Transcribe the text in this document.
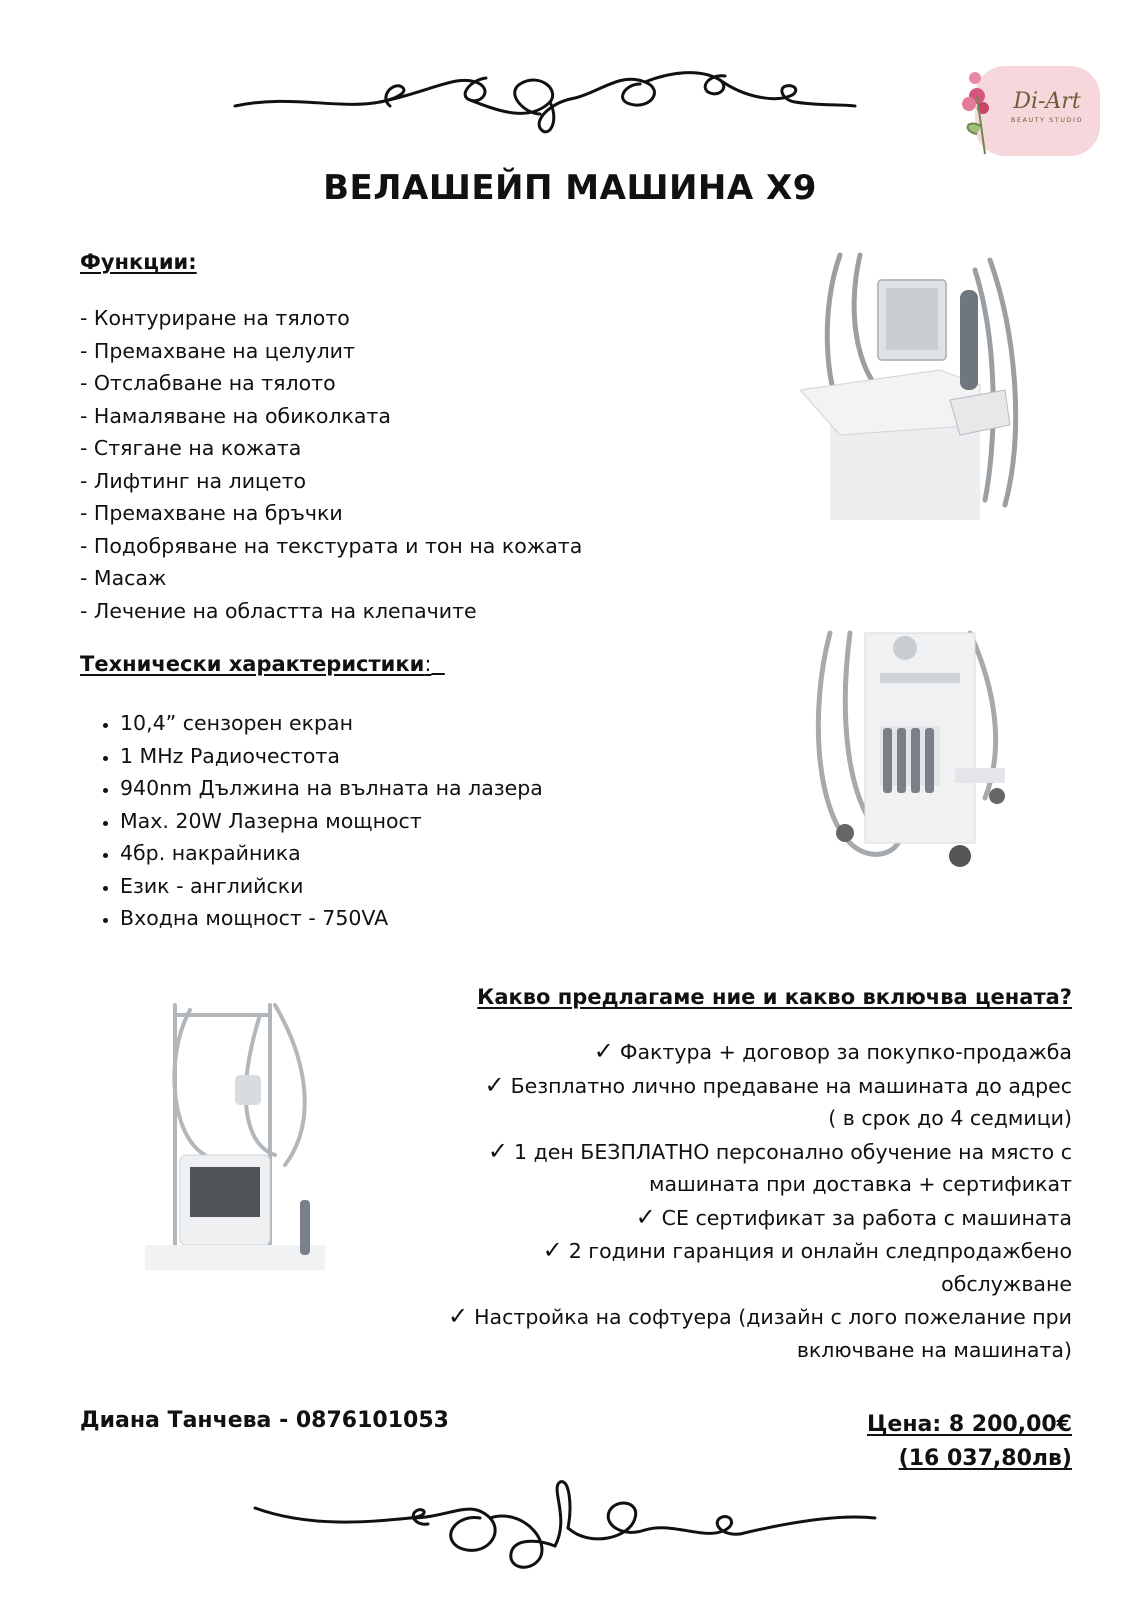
Di-Art
BEAUTY STUDIO
ВЕЛАШЕЙП МАШИНА X9
Функции:
- Контуриране на тялото
- Премахване на целулит
- Отслабване на тялото
- Намаляване на обиколката
- Стягане на кожата
- Лифтинг на лицето
- Премахване на бръчки
- Подобряване на текстурата и тон на кожата
- Масаж
- Лечение на областта на клепачите
Технически характеристики:
• 10,4” сензорен екран
• 1 MHz Радиочестота
• 940nm Дължина на вълната на лазера
• Max. 20W Лазерна мощност
• 4бр. накрайника
• Език - английски
• Входна мощност - 750VA
Какво предлагаме ние и какво включва цената?
✓ Фактура + договор за покупко-продажба
✓ Безплатно лично предаване на машината до адрес
( в срок до 4 седмици)
✓ 1 ден БЕЗПЛАТНО персонално обучение на място с
машината при доставка + сертификат
✓ CE сертификат за работа с машината
✓ 2 години гаранция и онлайн следпродажбено
обслужване
✓ Настройка на софтуера (дизайн с лого пожелание при
включване на машината)
Диана Танчева - 0876101053	Цена: 8 200,00€
(16 037,80лв)
